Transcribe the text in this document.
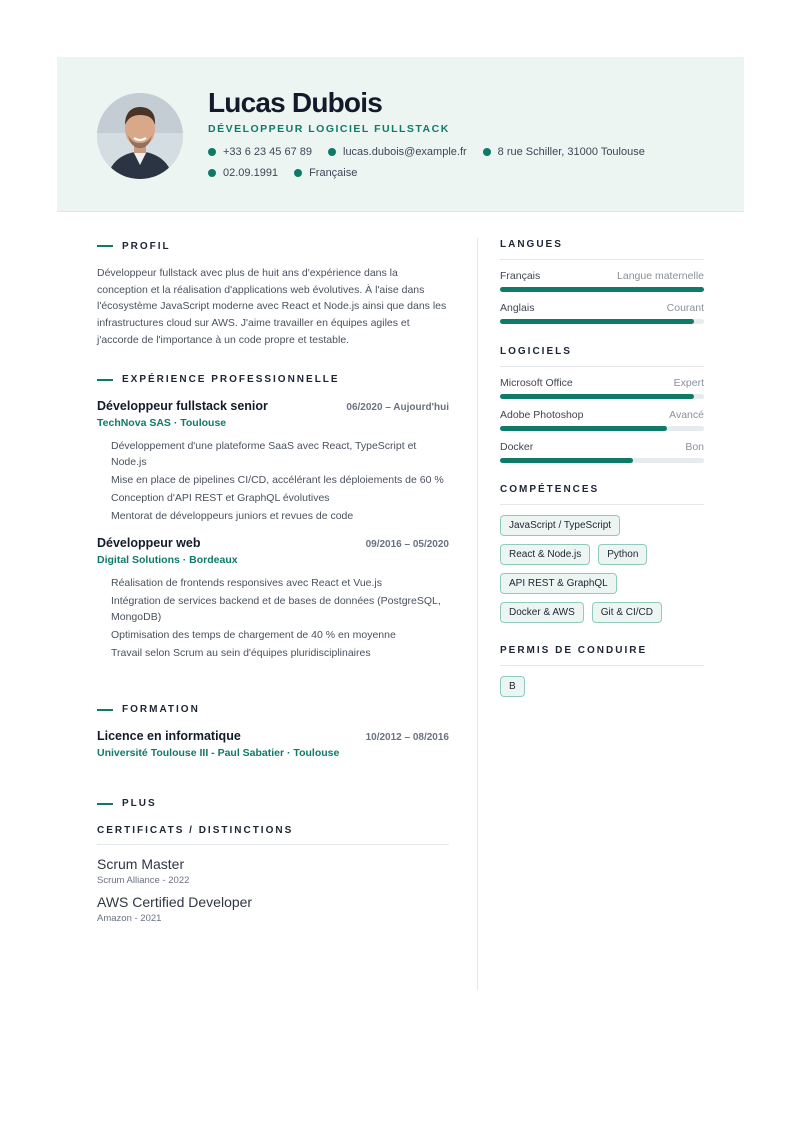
Lucas Dubois
DÉVELOPPEUR LOGICIEL FULLSTACK
+33 6 23 45 67 89	lucas.dubois@example.fr	8 rue Schiller, 31000 Toulouse
02.09.1991	Française
PROFIL
Développeur fullstack avec plus de huit ans d'expérience dans la conception et la réalisation d'applications web évolutives. À l'aise dans l'écosystème JavaScript moderne avec React et Node.js ainsi que dans les infrastructures cloud sur AWS. J'aime travailler en équipes agiles et j'accorde de l'importance à un code propre et testable.
EXPÉRIENCE PROFESSIONNELLE
Développeur fullstack senior	06/2020 – Aujourd'hui
TechNova SAS · Toulouse
Développement d'une plateforme SaaS avec React, TypeScript et Node.js
Mise en place de pipelines CI/CD, accélérant les déploiements de 60 %
Conception d'API REST et GraphQL évolutives
Mentorat de développeurs juniors et revues de code
Développeur web	09/2016 – 05/2020
Digital Solutions · Bordeaux
Réalisation de frontends responsives avec React et Vue.js
Intégration de services backend et de bases de données (PostgreSQL, MongoDB)
Optimisation des temps de chargement de 40 % en moyenne
Travail selon Scrum au sein d'équipes pluridisciplinaires
FORMATION
Licence en informatique	10/2012 – 08/2016
Université Toulouse III - Paul Sabatier · Toulouse
PLUS
CERTIFICATS / DISTINCTIONS
Scrum Master
Scrum Alliance - 2022
AWS Certified Developer
Amazon - 2021
LANGUES
Français	Langue maternelle
Anglais	Courant
LOGICIELS
Microsoft Office	Expert
Adobe Photoshop	Avancé
Docker	Bon
COMPÉTENCES
JavaScript / TypeScript
React & Node.js	Python
API REST & GraphQL
Docker & AWS	Git & CI/CD
PERMIS DE CONDUIRE
B
